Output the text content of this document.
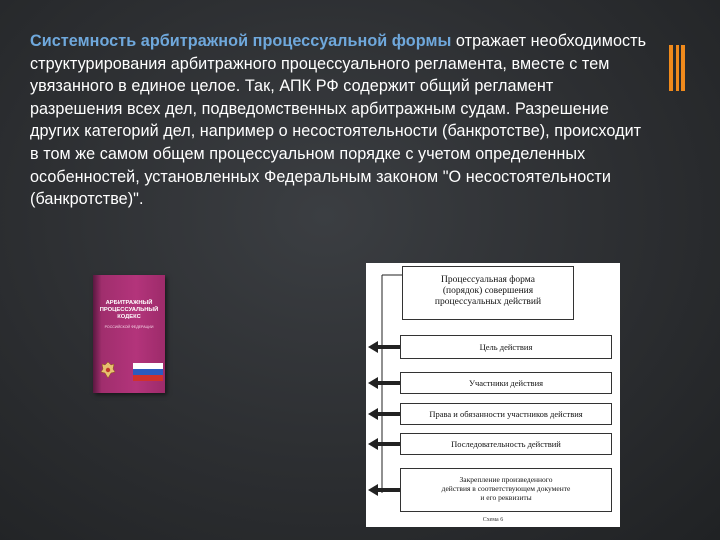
Системность арбитражной процессуальной формы отражает необходимость структурирования арбитражного процессуального регламента, вместе с тем увязанного в единое целое. Так, АПК РФ содержит общий регламент разрешения всех дел, подведомственных арбитражным судам. Разрешение других категорий дел, например о несостоятельности (банкротстве), происходит в том же самом общем процессуальном порядке с учетом определенных особенностей, установленных Федеральным законом "О несостоятельности (банкротстве)".
АРБИТРАЖНЫЙ ПРОЦЕССУАЛЬНЫЙ КОДЕКС
РОССИЙСКОЙ ФЕДЕРАЦИИ
Процессуальная форма
(порядок) совершения
процессуальных действий
Цель действия
Участники действия
Права и обязанности участников действия
Последовательность действий
Закрепление произведенного
действия в соответствующем документе
и его реквизиты
Схема 6
